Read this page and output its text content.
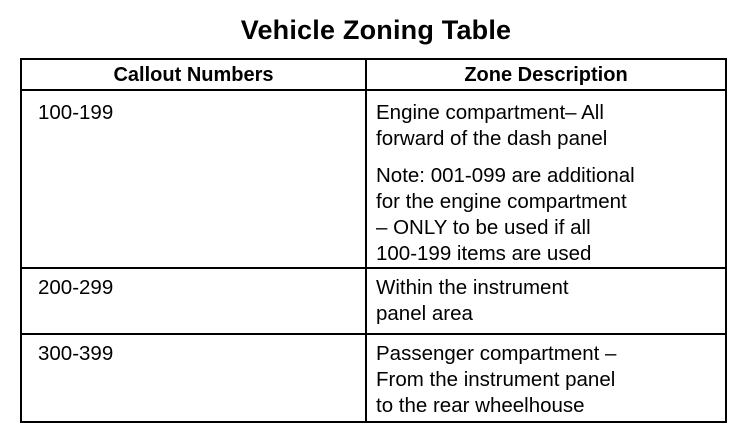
Vehicle Zoning Table
Callout Numbers	Zone Description
100-199	Engine compartment– All
forward of the dash panel
Note: 001-099 are additional
for the engine compartment
– ONLY to be used if all
100-199 items are used
200-299	Within the instrument
panel area
300-399	Passenger compartment –
From the instrument panel
to the rear wheelhouse
